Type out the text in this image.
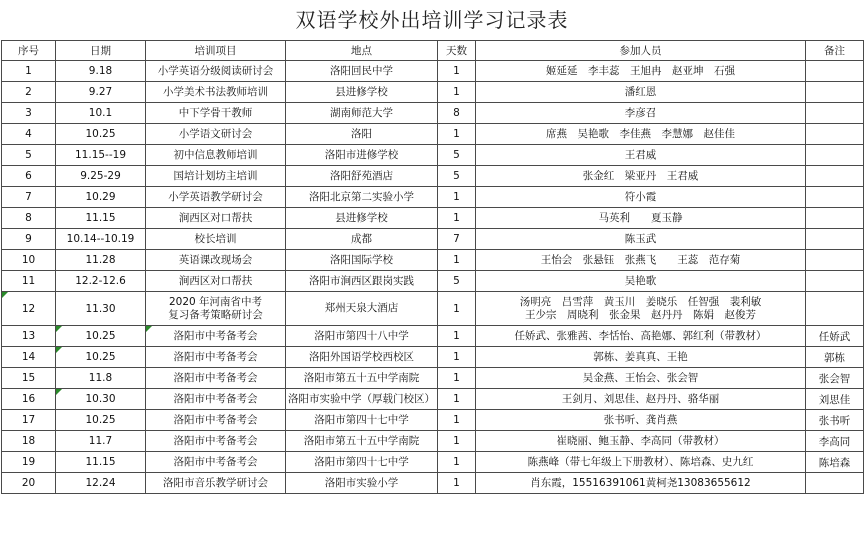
双语学校外出培训学习记录表
序号	日期	培训项目	地点	天数	参加人员	备注
1	9.18	小学英语分级阅读研讨会	洛阳回民中学	1	姬延延　李丰蕊　王旭冉　赵亚坤　石强	

2	9.27	小学美术书法教师培训	县进修学校	1	潘红恩	

3	10.1	中下学骨干教师	湖南师范大学	8	李彦召	

4	10.25	小学语文研讨会	洛阳	1	席燕　吴艳歌　李佳燕　李慧娜　赵佳佳	

5	11.15--19	初中信息教师培训	洛阳市进修学校	5	王君威	

6	9.25-29	国培计划坊主培训	洛阳舒苑酒店	5	张金红　梁亚丹　王君威	

7	10.29	小学英语教学研讨会	洛阳北京第二实验小学	1	符小霞	

8	11.15	涧西区对口帮扶	县进修学校	1	马英利　　夏玉静	

9	10.14--10.19	校长培训	成都	7	陈玉武	

10	11.28	英语课改现场会	洛阳国际学校	1	王怡会　张悬钰　张燕飞　　王蕊　范存菊	

11	12.2-12.6	涧西区对口帮扶	洛阳市涧西区跟岗实践	5	吴艳歌	

12	11.30	2020 年河南省中考
复习备考策略研讨会	郑州天泉大酒店	1	汤明亮　吕雪萍　黄玉川　姜晓乐　任智强　裴利敏
王少宗　周晓利　张金果　赵丹丹　陈娟　赵俊芳	

13	10.25	洛阳市中考备考会	洛阳市第四十八中学	1	任娇武、张雅茜、李恬怡、高艳娜、郭红利（带教材）	任娇武
14	10.25	洛阳市中考备考会	洛阳外国语学校西校区	1	郭栋、姜真真、王艳	郭栋
15	11.8	洛阳市中考备考会	洛阳市第五十五中学南院	1	吴金燕、王怡会、张会智	张会智
16	10.30	洛阳市中考备考会	洛阳市实验中学（厚载门校区）	1	王剑月、刘思佳、赵丹丹、骆华丽	刘思佳
17	10.25	洛阳市中考备考会	洛阳市第四十七中学	1	张书听、龚肖燕	张书听
18	11.7	洛阳市中考备考会	洛阳市第五十五中学南院	1	崔晓丽、鲍玉静、李高同（带教材）	李高同
19	11.15	洛阳市中考备考会	洛阳市第四十七中学	1	陈燕峰（带七年级上下册教材）、陈培森、史九红	陈培森
20	12.24	洛阳市音乐教学研讨会	洛阳市实验小学	1	肖东霞，15516391061黄柯尧13083655612	
